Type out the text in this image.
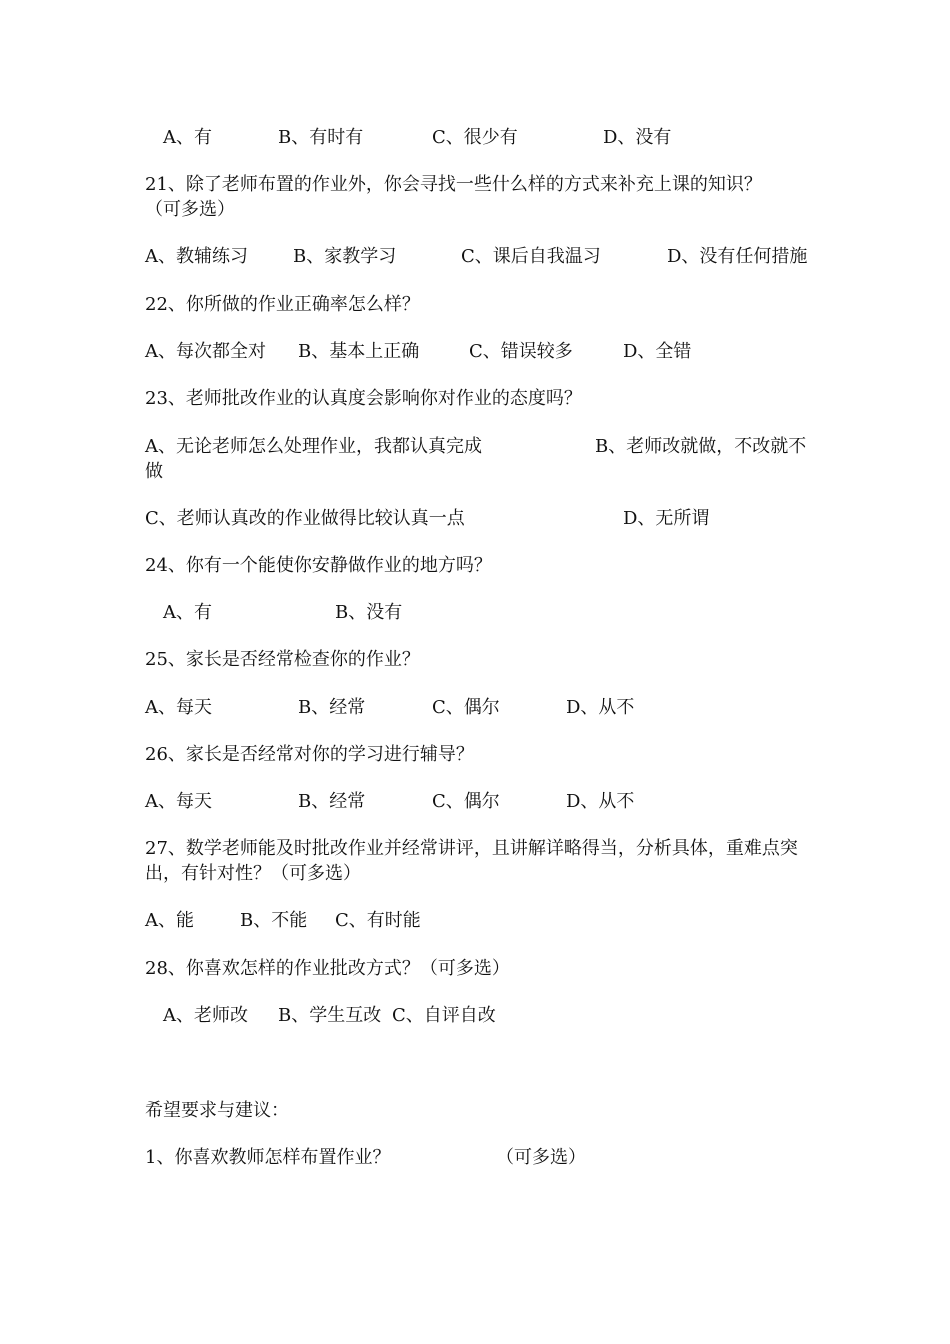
A、有	B、有时有	C、很少有	D、没有
21、除了老师布置的作业外，你会寻找一些什么样的方式来补充上课的知识？
（可多选）
A、教辅练习	B、家教学习	C、课后自我温习	D、没有任何措施
22、你所做的作业正确率怎么样？
A、每次都全对 B、基本上正确	C、错误较多	D、全错
23、老师批改作业的认真度会影响你对作业的态度吗？
A、无论老师怎么处理作业，我都认真完成	B、老师改就做，不改就不
做
C、老师认真改的作业做得比较认真一点	D、无所谓
24、你有一个能使你安静做作业的地方吗？
A、有	B、没有
25、家长是否经常检查你的作业？
A、每天	B、经常	C、偶尔	D、从不
26、家长是否经常对你的学习进行辅导？
A、每天	B、经常	C、偶尔	D、从不
27、数学老师能及时批改作业并经常讲评，且讲解详略得当，分析具体，重难点突
出，有针对性？（可多选）
A、能	B、不能 C、有时能
28、你喜欢怎样的作业批改方式？（可多选）
A、老师改 B、学生互改 C、自评自改
希望要求与建议：
1、你喜欢教师怎样布置作业？	（可多选）
